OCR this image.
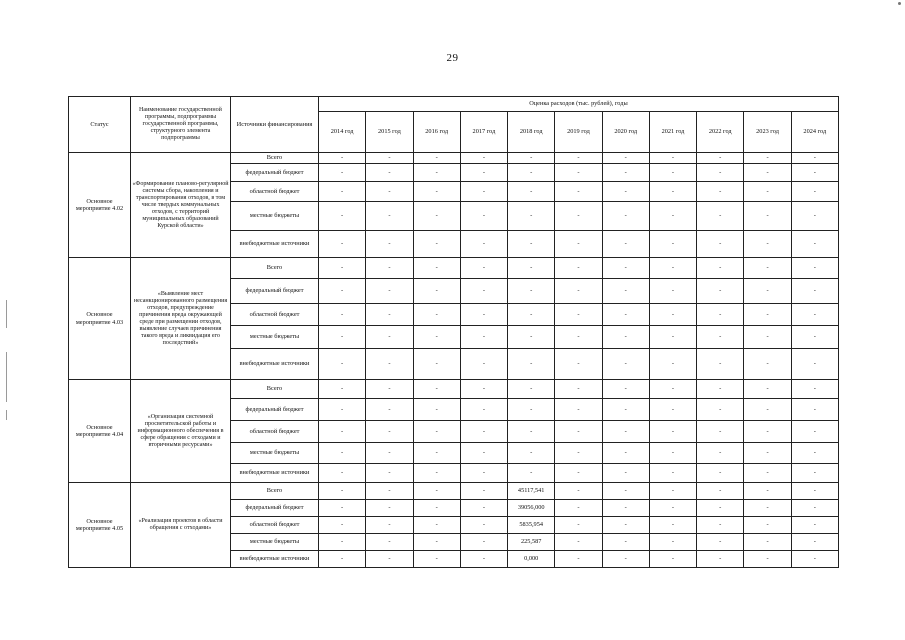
29
Статус	Наименование государственной программы, подпрограммы государственной программы, структурного элемента подпрограммы	Источники финансирования	Оценка расходов (тыс. рублей), годы										
			2014 год	2015 год	2016 год	2017 год	2018 год	2019 год	2020 год	2021 год	2022 год	2023 год	2024 год
Основное мероприятие 4.02	«Формирование планово-регулярной системы сбора, накопления и транспортирования отходов, в том числе твердых коммунальных отходов, с территорий муниципальных образований Курской области»	Всего	-	-	-	-	-	-	-	-	-	-	-
		федеральный бюджет	-	-	-	-	-	-	-	-	-	-	-
		областной бюджет	-	-	-	-	-	-	-	-	-	-	-
		местные бюджеты	-	-	-	-	-	-	-	-	-	-	-
		внебюджетные источники	-	-	-	-	-	-	-	-	-	-	-
Основное мероприятие 4.03	«Выявление мест несанкционированного размещения отходов, предупреждение причинения вреда окружающей среде при размещении отходов, выявление случаев причинения такого вреда и ликвидация его последствий»	Всего	-	-	-	-	-	-	-	-	-	-	-
		федеральный бюджет	-	-	-	-	-	-	-	-	-	-	-
		областной бюджет	-	-	-	-	-	-	-	-	-	-	-
		местные бюджеты	-	-	-	-	-	-	-	-	-	-	-
		внебюджетные источники	-	-	-	-	-	-	-	-	-	-	-
Основное мероприятие 4.04	«Организация системной просветительской работы и информационного обеспечения в сфере обращения с отходами и вторичными ресурсами»	Всего	-	-	-	-	-	-	-	-	-	-	-
		федеральный бюджет	-	-	-	-	-	-	-	-	-	-	-
		областной бюджет	-	-	-	-	-	-	-	-	-	-	-
		местные бюджеты	-	-	-	-	-	-	-	-	-	-	-
		внебюджетные источники	-	-	-	-	-	-	-	-	-	-	-
Основное мероприятие 4.05	«Реализация проектов в области обращения с отходами»	Всего	-	-	-	-	45117,541	-	-	-	-	-	-
		федеральный бюджет	-	-	-	-	39056,000	-	-	-	-	-	-
		областной бюджет	-	-	-	-	5835,954	-	-	-	-	-	-
		местные бюджеты	-	-	-	-	225,587	-	-	-	-	-	-
		внебюджетные источники	-	-	-	-	0,000	-	-	-	-	-	-
